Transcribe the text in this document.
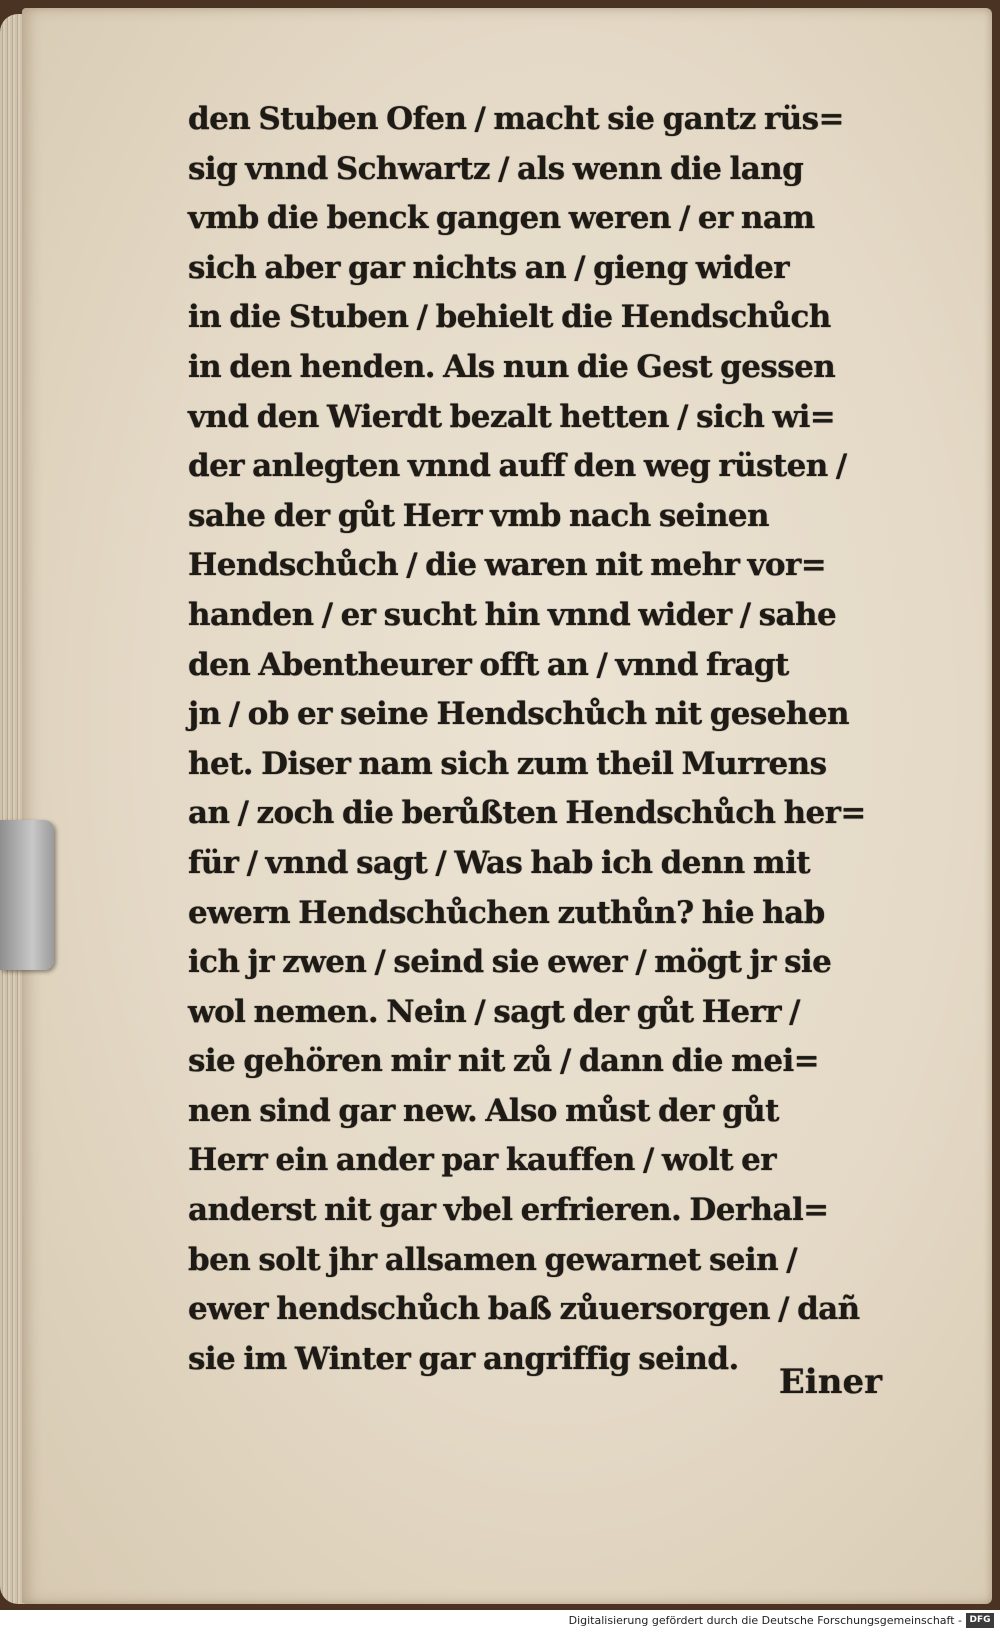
den Stuben Ofen / macht sie gantz rüs=
sig vnnd Schwartz / als wenn die lang
vmb die benck gangen weren / er nam
sich aber gar nichts an / gieng wider
in die Stuben / behielt die Hendschůch
in den henden. Als nun die Gest gessen
vnd den Wierdt bezalt hetten / sich wi=
der anlegten vnnd auff den weg rüsten /
sahe der gůt Herr vmb nach seinen
Hendschůch / die waren nit mehr vor=
handen / er sucht hin vnnd wider / sahe
den Abentheurer offt an / vnnd fragt
jn / ob er seine Hendschůch nit gesehen
het. Diser nam sich zum theil Murrens
an / zoch die berůßten Hendschůch her=
für / vnnd sagt / Was hab ich denn mit
ewern Hendschůchen zuthůn? hie hab
ich jr zwen / seind sie ewer / mögt jr sie
wol nemen. Nein / sagt der gůt Herr /
sie gehören mir nit zů / dann die mei=
nen sind gar new. Also můst der gůt
Herr ein ander par kauffen / wolt er
anderst nit gar vbel erfrieren. Derhal=
ben solt jhr allsamen gewarnet sein /
ewer hendschůch baß zůuersorgen / dañ
sie im Winter gar angriffig seind.
Einer
Digitalisierung gefördert durch die Deutsche Forschungsgemeinschaft - DFG
